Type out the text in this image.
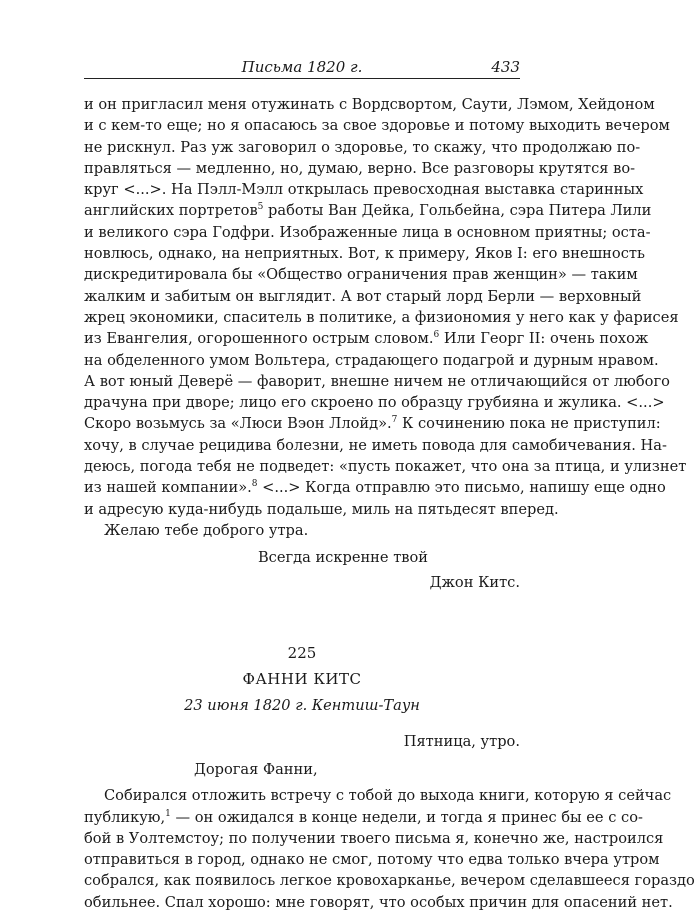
Письма 1820 г.	433
и он пригласил меня отужинать с Вордсвортом, Саути, Лэмом, Хейдоном
и с кем-то еще; но я опасаюсь за свое здоровье и потому выходить вечером
не рискнул. Раз уж заговорил о здоровье, то скажу, что продолжаю по-
правляться — медленно, но, думаю, верно. Все разговоры крутятся во-
круг <...>. На Пэлл-Мэлл открылась превосходная выставка старинных
английских портретов$^5$ работы Ван Дейка, Гольбейна, сэра Питера Лили
и великого сэра Годфри. Изображенные лица в основном приятны; оста-
новлюсь, однако, на неприятных. Вот, к примеру, Яков I: его внешность
дискредитировала бы «Общество ограничения прав женщин» — таким
жалким и забитым он выглядит. А вот старый лорд Берли — верховный
жрец экономики, спаситель в политике, а физиономия у него как у фарисея
из Евангелия, огорошенного острым словом.$^6$ Или Георг II: очень похож
на обделенного умом Вольтера, страдающего подагрой и дурным нравом.
А вот юный Деверё — фаворит, внешне ничем не отличающийся от любого
драчуна при дворе; лицо его скроено по образцу грубияна и жулика. <...>
Скоро возьмусь за «Люси Вэон Ллойд».$^7$ К сочинению пока не приступил:
хочу, в случае рецидива болезни, не иметь повода для самобичевания. На-
деюсь, погода тебя не подведет: «пусть покажет, что она за птица, и улизнет
из нашей компании».$^8$ <...> Когда отправлю это письмо, напишу еще одно
и адресую куда-нибудь подальше, миль на пятьдесят вперед.
Желаю тебе доброго утра.
Всегда искренне твой
Джон Китс.
225
ФАННИ КИТС
23 июня 1820 г. Кентиш-Таун
Пятница, утро.
Дорогая Фанни,
Собирался отложить встречу с тобой до выхода книги, которую я сейчас
публикую,$^1$ — он ожидался в конце недели, и тогда я принес бы ее с со-
бой в Уолтемстоу; по получении твоего письма я, конечно же, настроился
отправиться в город, однако не смог, потому что едва только вчера утром
собрался, как появилось легкое кровохарканье, вечером сделавшееся гораздо
обильнее. Спал хорошо: мне говорят, что особых причин для опасений нет.
